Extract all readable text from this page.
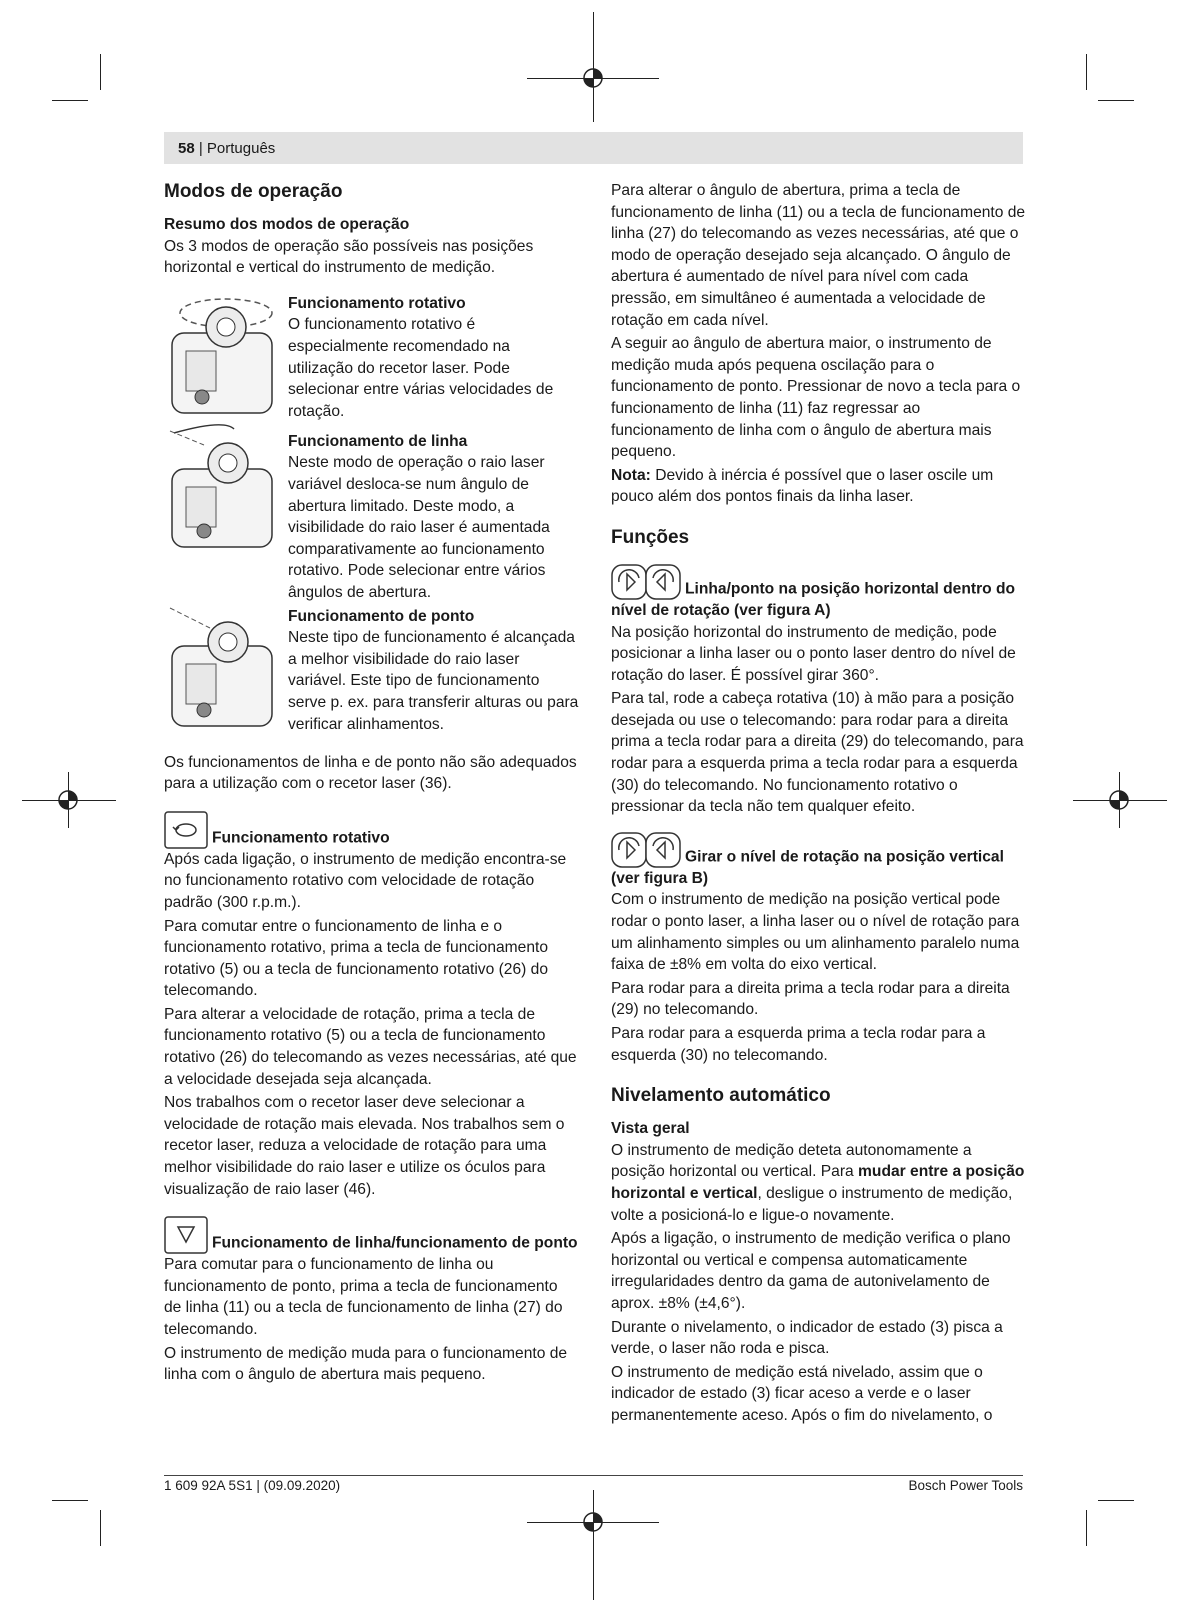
58 | Português
Modos de operação
Resumo dos modos de operação

Os 3 modos de operação são possíveis nas posições horizontal e vertical do instrumento de medição.

Funcionamento rotativo

O funcionamento rotativo é especialmente recomendado na utilização do recetor laser. Pode selecionar entre várias velocidades de rotação.

Funcionamento de linha

Neste modo de operação o raio laser variável desloca-se num ângulo de abertura limitado. Deste modo, a visibilidade do raio laser é aumentada comparativamente ao funcionamento rotativo. Pode selecionar entre vários ângulos de abertura.

Funcionamento de ponto

Neste tipo de funcionamento é alcançada a melhor visibilidade do raio laser variável. Este tipo de funcionamento serve p. ex. para transferir alturas ou para verificar alinhamentos.

Os funcionamentos de linha e de ponto não são adequados para a utilização com o recetor laser (36).

Funcionamento rotativo

Após cada ligação, o instrumento de medição encontra-se no funcionamento rotativo com velocidade de rotação padrão (300 r.p.m.).

Para comutar entre o funcionamento de linha e o funcionamento rotativo, prima a tecla de funcionamento rotativo (5) ou a tecla de funcionamento rotativo (26) do telecomando.

Para alterar a velocidade de rotação, prima a tecla de funcionamento rotativo (5) ou a tecla de funcionamento rotativo (26) do telecomando as vezes necessárias, até que a velocidade desejada seja alcançada.

Nos trabalhos com o recetor laser deve selecionar a velocidade de rotação mais elevada. Nos trabalhos sem o recetor laser, reduza a velocidade de rotação para uma melhor visibilidade do raio laser e utilize os óculos para visualização de raio laser (46).

Funcionamento de linha/funcionamento de ponto

Para comutar para o funcionamento de linha ou funcionamento de ponto, prima a tecla de funcionamento de linha (11) ou a tecla de funcionamento de linha (27) do telecomando.

O instrumento de medição muda para o funcionamento de linha com o ângulo de abertura mais pequeno.

Para alterar o ângulo de abertura, prima a tecla de funcionamento de linha (11) ou a tecla de funcionamento de linha (27) do telecomando as vezes necessárias, até que o modo de operação desejado seja alcançado. O ângulo de abertura é aumentado de nível para nível com cada pressão, em simultâneo é aumentada a velocidade de rotação em cada nível.

A seguir ao ângulo de abertura maior, o instrumento de medição muda após pequena oscilação para o funcionamento de ponto. Pressionar de novo a tecla para o funcionamento de linha (11) faz regressar ao funcionamento de linha com o ângulo de abertura mais pequeno.

Nota: Devido à inércia é possível que o laser oscile um pouco além dos pontos finais da linha laser.

Funções
Linha/ponto na posição horizontal dentro do nível de rotação (ver figura A)

Na posição horizontal do instrumento de medição, pode posicionar a linha laser ou o ponto laser dentro do nível de rotação do laser. É possível girar 360°.

Para tal, rode a cabeça rotativa (10) à mão para a posição desejada ou use o telecomando: para rodar para a direita prima a tecla rodar para a direita (29) do telecomando, para rodar para a esquerda prima a tecla rodar para a esquerda (30) do telecomando. No funcionamento rotativo o pressionar da tecla não tem qualquer efeito.

Girar o nível de rotação na posição vertical (ver figura B)

Com o instrumento de medição na posição vertical pode rodar o ponto laser, a linha laser ou o nível de rotação para um alinhamento simples ou um alinhamento paralelo numa faixa de ±8% em volta do eixo vertical.

Para rodar para a direita prima a tecla rodar para a direita (29) no telecomando.

Para rodar para a esquerda prima a tecla rodar para a esquerda (30) no telecomando.

Nivelamento automático
Vista geral

O instrumento de medição deteta autonomamente a posição horizontal ou vertical. Para mudar entre a posição horizontal e vertical, desligue o instrumento de medição, volte a posicioná-lo e ligue-o novamente.

Após a ligação, o instrumento de medição verifica o plano horizontal ou vertical e compensa automaticamente irregularidades dentro da gama de autonivelamento de aprox. ±8% (±4,6°).

Durante o nivelamento, o indicador de estado (3) pisca a verde, o laser não roda e pisca.

O instrumento de medição está nivelado, assim que o indicador de estado (3) ficar aceso a verde e o laser permanentemente aceso. Após o fim do nivelamento, o

1 609 92A 5S1 | (09.09.2020)	Bosch Power Tools
